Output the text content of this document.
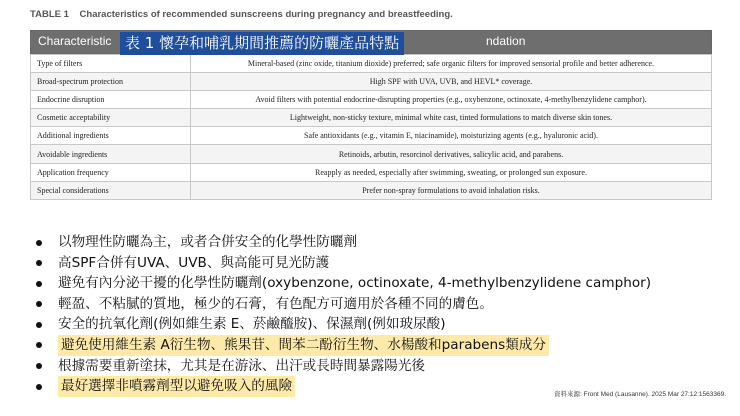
TABLE 1 Characteristics of recommended sunscreens during pregnancy and breastfeeding.
Characteristic	ndation
Type of filters	Mineral-based (zinc oxide, titanium dioxide) preferred; safe organic filters for improved sensorial profile and better adherence.
Broad-spectrum protection	High SPF with UVA, UVB, and HEVL* coverage.
Endocrine disruption	Avoid filters with potential endocrine-disrupting properties (e.g., oxybenzone, octinoxate, 4-methylbenzylidene camphor).
Cosmetic acceptability	Lightweight, non-sticky texture, minimal white cast, tinted formulations to match diverse skin tones.
Additional ingredients	Safe antioxidants (e.g., vitamin E, niacinamide), moisturizing agents (e.g., hyaluronic acid).
Avoidable ingredients	Retinoids, arbutin, resorcinol derivatives, salicylic acid, and parabens.
Application frequency	Reapply as needed, especially after swimming, sweating, or prolonged sun exposure.
Special considerations	Prefer non-spray formulations to avoid inhalation risks.
表 1 懷孕和哺乳期間推薦的防曬產品特點
以物理性防曬為主，或者合併安全的化學性防曬劑
高SPF合併有UVA、UVB、與高能可見光防護
避免有內分泌干擾的化學性防曬劑(oxybenzone, octinoxate, 4-methylbenzylidene camphor)
輕盈、不粘膩的質地，極少的石膏，有色配方可適用於各種不同的膚色。
安全的抗氧化劑(例如維生素 E、菸鹼醯胺)、保濕劑(例如玻尿酸)
避免使用維生素 A衍生物、熊果苷、間苯二酚衍生物、水楊酸和parabens類成分
根據需要重新塗抹，尤其是在游泳、出汗或長時間暴露陽光後
最好選擇非噴霧劑型以避免吸入的風險
資料來源: Front Med (Lausanne). 2025 Mar 27:12:1563369.
